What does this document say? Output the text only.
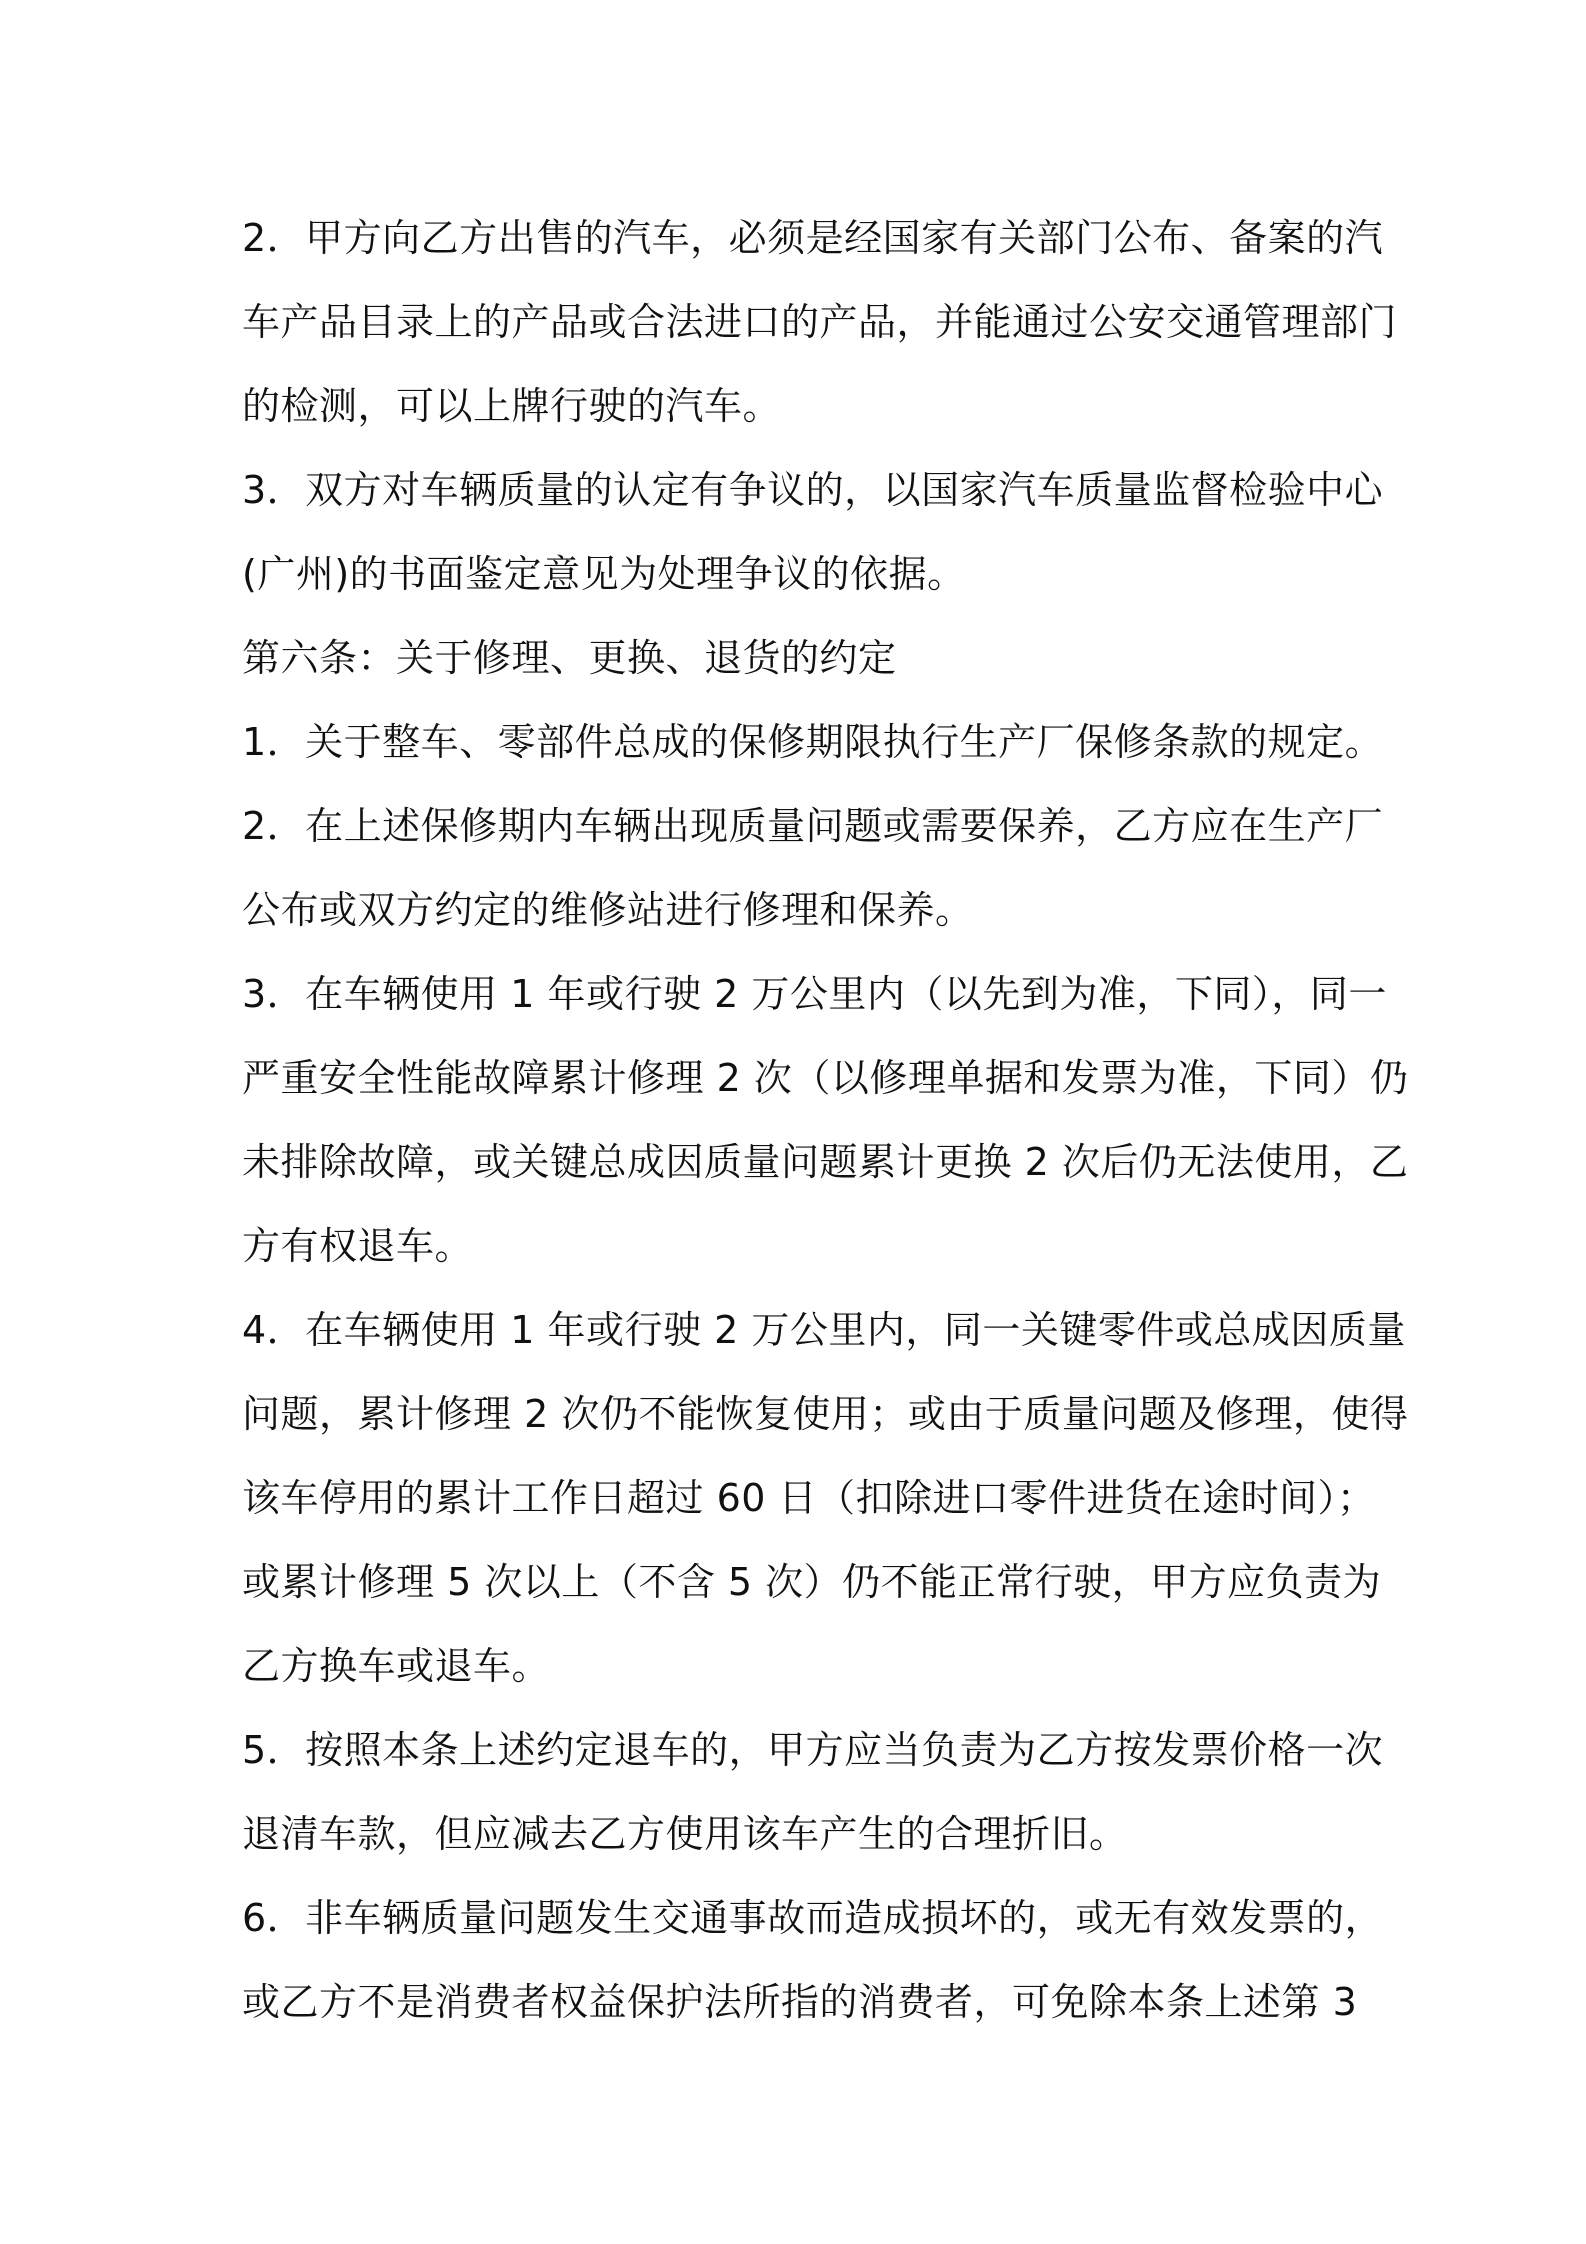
2．甲方向乙方出售的汽车，必须是经国家有关部门公布、备案的汽
车产品目录上的产品或合法进口的产品，并能通过公安交通管理部门
的检测，可以上牌行驶的汽车。
3．双方对车辆质量的认定有争议的，以国家汽车质量监督检验中心
(广州)的书面鉴定意见为处理争议的依据。
第六条：关于修理、更换、退货的约定
1．关于整车、零部件总成的保修期限执行生产厂保修条款的规定。
2．在上述保修期内车辆出现质量问题或需要保养，乙方应在生产厂
公布或双方约定的维修站进行修理和保养。
3．在车辆使用 1 年或行驶 2 万公里内（以先到为准，下同），同一
严重安全性能故障累计修理 2 次（以修理单据和发票为准，下同）仍
未排除故障，或关键总成因质量问题累计更换 2 次后仍无法使用，乙
方有权退车。
4．在车辆使用 1 年或行驶 2 万公里内，同一关键零件或总成因质量
问题，累计修理 2 次仍不能恢复使用；或由于质量问题及修理，使得
该车停用的累计工作日超过 60 日（扣除进口零件进货在途时间）；
或累计修理 5 次以上（不含 5 次）仍不能正常行驶，甲方应负责为
乙方换车或退车。
5．按照本条上述约定退车的，甲方应当负责为乙方按发票价格一次
退清车款，但应减去乙方使用该车产生的合理折旧。
6．非车辆质量问题发生交通事故而造成损坏的，或无有效发票的，
或乙方不是消费者权益保护法所指的消费者，可免除本条上述第 3
